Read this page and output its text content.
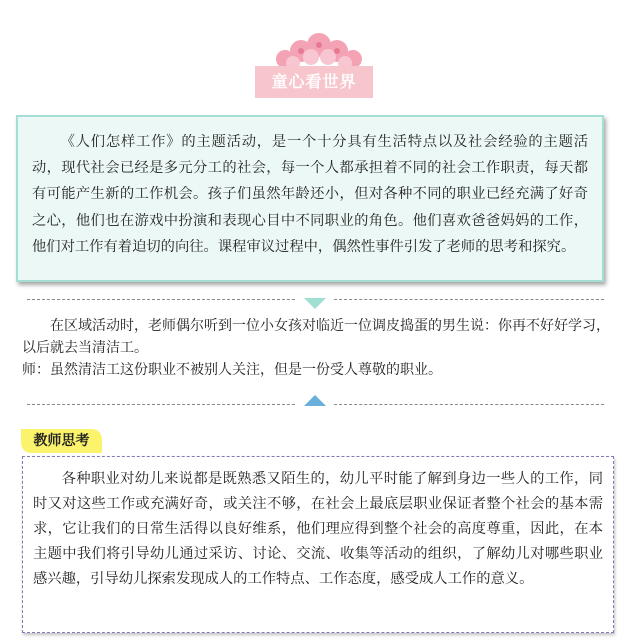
童心看世界

《人们怎样工作》的主题活动，是一个十分具有生活特点以及社会经验的主题活动，现代社会已经是多元分工的社会，每一个人都承担着不同的社会工作职责，每天都有可能产生新的工作机会。孩子们虽然年龄还小，但对各种不同的职业已经充满了好奇之心，他们也在游戏中扮演和表现心目中不同职业的角色。他们喜欢爸爸妈妈的工作，他们对工作有着迫切的向往。课程审议过程中，偶然性事件引发了老师的思考和探究。

在区域活动时，老师偶尔听到一位小女孩对临近一位调皮捣蛋的男生说：你再不好好学习，以后就去当清洁工。

师：虽然清洁工这份职业不被别人关注，但是一份受人尊敬的职业。

教师思考

各种职业对幼儿来说都是既熟悉又陌生的，幼儿平时能了解到身边一些人的工作，同时又对这些工作或充满好奇，或关注不够，在社会上最底层职业保证者整个社会的基本需求，它让我们的日常生活得以良好维系，他们理应得到整个社会的高度尊重，因此，在本主题中我们将引导幼儿通过采访、讨论、交流、收集等活动的组织，了解幼儿对哪些职业感兴趣，引导幼儿探索发现成人的工作特点、工作态度，感受成人工作的意义。
